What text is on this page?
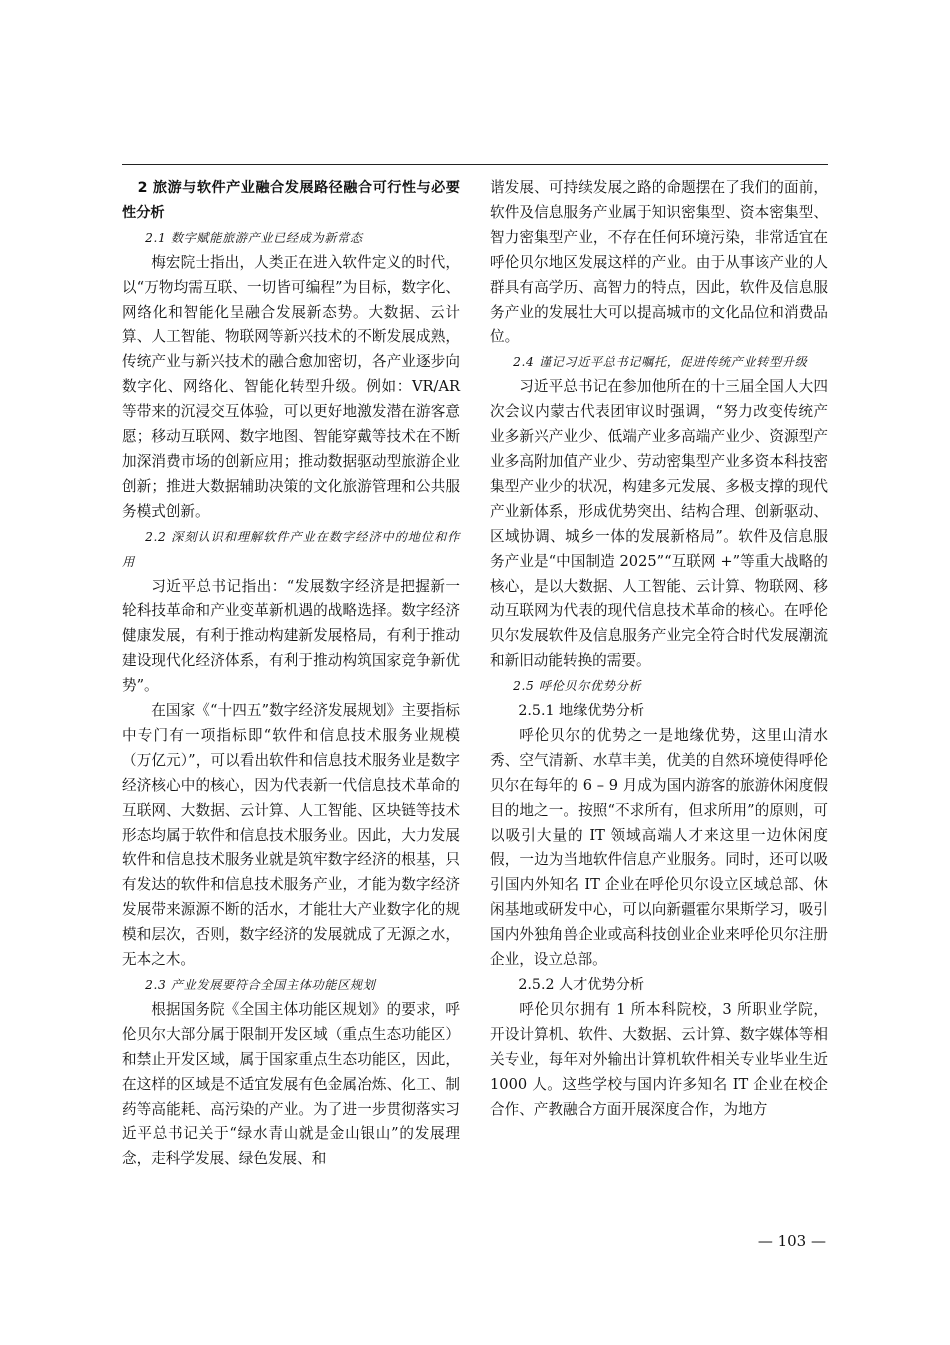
2 旅游与软件产业融合发展路径融合可行性与必要性分析
2.1 数字赋能旅游产业已经成为新常态

梅宏院士指出，人类正在进入软件定义的时代，以“万物均需互联、一切皆可编程”为目标，数字化、网络化和智能化呈融合发展新态势。大数据、云计算、人工智能、物联网等新兴技术的不断发展成熟，传统产业与新兴技术的融合愈加密切，各产业逐步向数字化、网络化、智能化转型升级。例如：VR/AR 等带来的沉浸交互体验，可以更好地激发潜在游客意愿；移动互联网、数字地图、智能穿戴等技术在不断加深消费市场的创新应用；推动数据驱动型旅游企业创新；推进大数据辅助决策的文化旅游管理和公共服务模式创新。

2.2 深刻认识和理解软件产业在数字经济中的地位和作用

习近平总书记指出：“发展数字经济是把握新一轮科技革命和产业变革新机遇的战略选择。数字经济健康发展，有利于推动构建新发展格局，有利于推动建设现代化经济体系，有利于推动构筑国家竞争新优势”。

在国家《“十四五”数字经济发展规划》主要指标中专门有一项指标即“软件和信息技术服务业规模（万亿元）”，可以看出软件和信息技术服务业是数字经济核心中的核心，因为代表新一代信息技术革命的互联网、大数据、云计算、人工智能、区块链等技术形态均属于软件和信息技术服务业。因此，大力发展软件和信息技术服务业就是筑牢数字经济的根基，只有发达的软件和信息技术服务产业，才能为数字经济发展带来源源不断的活水，才能壮大产业数字化的规模和层次，否则，数字经济的发展就成了无源之水，无本之木。

2.3 产业发展要符合全国主体功能区规划

根据国务院《全国主体功能区规划》的要求，呼伦贝尔大部分属于限制开发区域（重点生态功能区）和禁止开发区域，属于国家重点生态功能区，因此，在这样的区域是不适宜发展有色金属冶炼、化工、制药等高能耗、高污染的产业。为了进一步贯彻落实习近平总书记关于“绿水青山就是金山银山”的发展理念，走科学发展、绿色发展、和

谐发展、可持续发展之路的命题摆在了我们的面前，软件及信息服务产业属于知识密集型、资本密集型、智力密集型产业，不存在任何环境污染，非常适宜在呼伦贝尔地区发展这样的产业。由于从事该产业的人群具有高学历、高智力的特点，因此，软件及信息服务产业的发展壮大可以提高城市的文化品位和消费品位。

2.4 谨记习近平总书记嘱托，促进传统产业转型升级

习近平总书记在参加他所在的十三届全国人大四次会议内蒙古代表团审议时强调，“努力改变传统产业多新兴产业少、低端产业多高端产业少、资源型产业多高附加值产业少、劳动密集型产业多资本科技密集型产业少的状况，构建多元发展、多极支撑的现代产业新体系，形成优势突出、结构合理、创新驱动、区域协调、城乡一体的发展新格局”。软件及信息服务产业是“中国制造 2025”“互联网 +”等重大战略的核心，是以大数据、人工智能、云计算、物联网、移动互联网为代表的现代信息技术革命的核心。在呼伦贝尔发展软件及信息服务产业完全符合时代发展潮流和新旧动能转换的需要。

2.5 呼伦贝尔优势分析
2.5.1 地缘优势分析

呼伦贝尔的优势之一是地缘优势，这里山清水秀、空气清新、水草丰美，优美的自然环境使得呼伦贝尔在每年的 6 – 9 月成为国内游客的旅游休闲度假目的地之一。按照“不求所有，但求所用”的原则，可以吸引大量的 IT 领域高端人才来这里一边休闲度假，一边为当地软件信息产业服务。同时，还可以吸引国内外知名 IT 企业在呼伦贝尔设立区域总部、休闲基地或研发中心，可以向新疆霍尔果斯学习，吸引国内外独角兽企业或高科技创业企业来呼伦贝尔注册企业，设立总部。

2.5.2 人才优势分析

呼伦贝尔拥有 1 所本科院校，3 所职业学院，开设计算机、软件、大数据、云计算、数字媒体等相关专业，每年对外输出计算机软件相关专业毕业生近 1000 人。这些学校与国内许多知名 IT 企业在校企合作、产教融合方面开展深度合作，为地方

— 103 —
